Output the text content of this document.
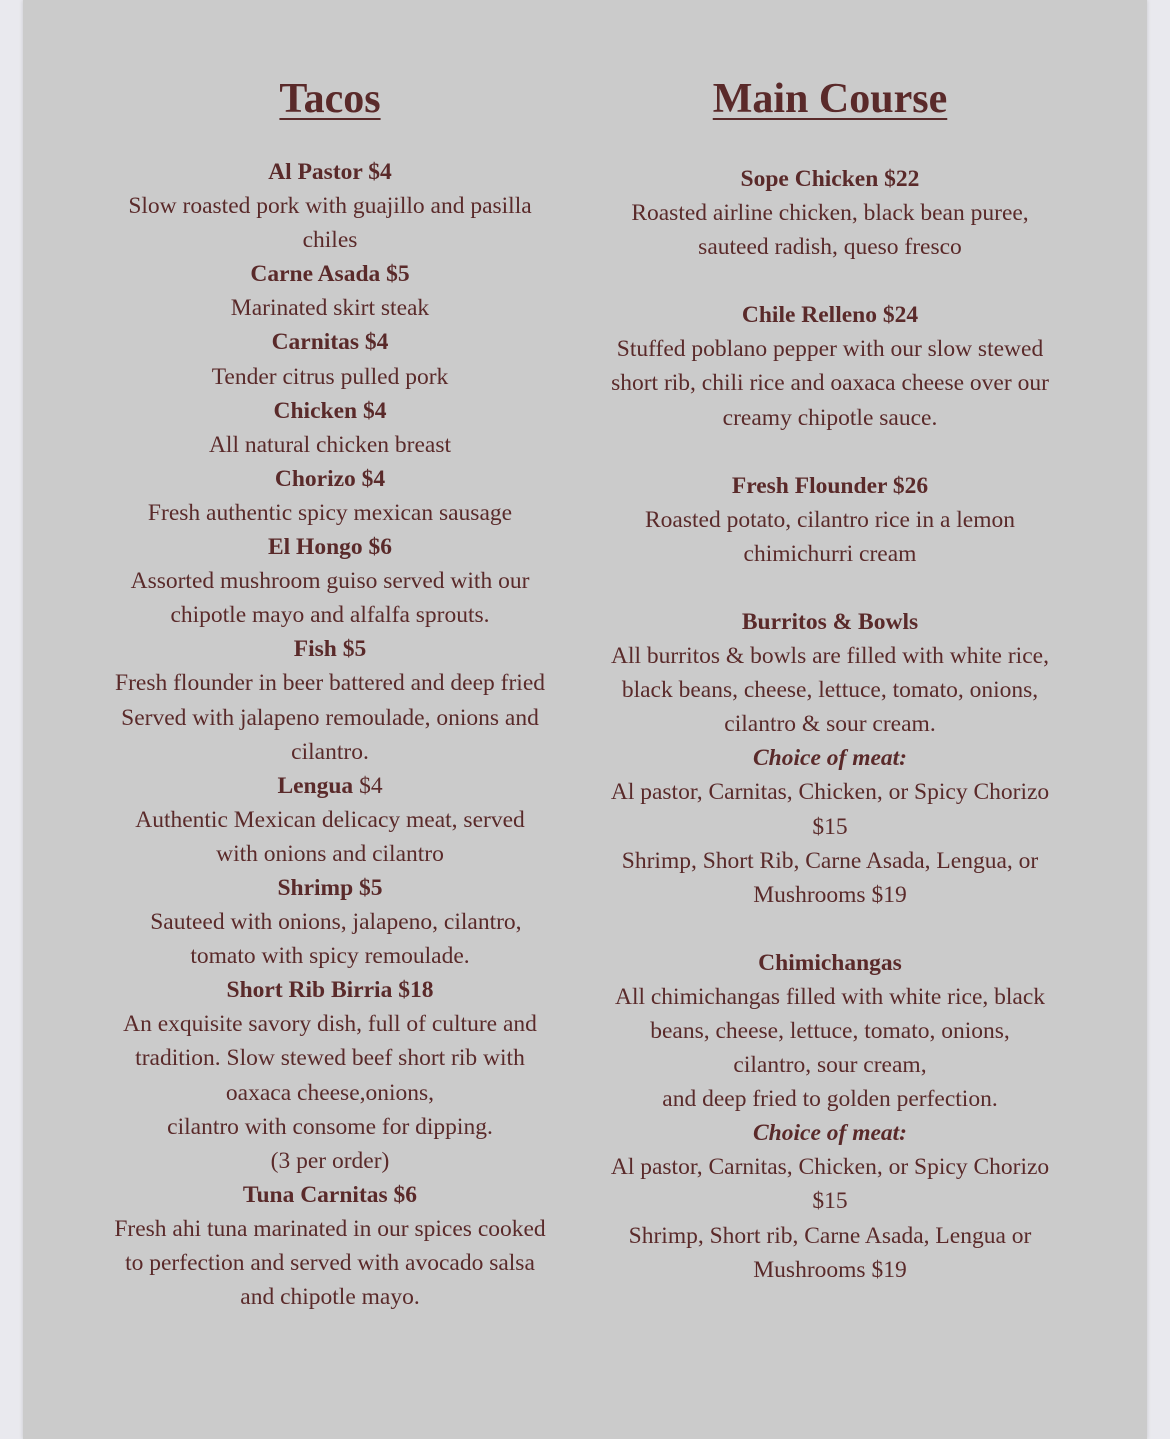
Tacos
Al Pastor $4
Slow roasted pork with guajillo and pasilla
chiles
Carne Asada $5
Marinated skirt steak
Carnitas $4
Tender citrus pulled pork
Chicken $4
All natural chicken breast
Chorizo $4
Fresh authentic spicy mexican sausage
El Hongo $6
Assorted mushroom guiso served with our
chipotle mayo and alfalfa sprouts.
Fish $5
Fresh flounder in beer battered and deep fried
Served with jalapeno remoulade, onions and
cilantro.
Lengua $4
Authentic Mexican delicacy meat, served
with onions and cilantro
Shrimp $5
Sauteed with onions, jalapeno, cilantro,
tomato with spicy remoulade.
Short Rib Birria $18
An exquisite savory dish, full of culture and
tradition. Slow stewed beef short rib with
oaxaca cheese,onions,
cilantro with consome for dipping.
(3 per order)
Tuna Carnitas $6
Fresh ahi tuna marinated in our spices cooked
to perfection and served with avocado salsa
and chipotle mayo.
Main Course
Sope Chicken $22
Roasted airline chicken, black bean puree,
sauteed radish, queso fresco
Chile Relleno $24
Stuffed poblano pepper with our slow stewed
short rib, chili rice and oaxaca cheese over our
creamy chipotle sauce.
Fresh Flounder $26
Roasted potato, cilantro rice in a lemon
chimichurri cream
Burritos & Bowls
All burritos & bowls are filled with white rice,
black beans, cheese, lettuce, tomato, onions,
cilantro & sour cream.
Choice of meat:
Al pastor, Carnitas, Chicken, or Spicy Chorizo
$15
Shrimp, Short Rib, Carne Asada, Lengua, or
Mushrooms $19
Chimichangas
All chimichangas filled with white rice, black
beans, cheese, lettuce, tomato, onions,
cilantro, sour cream,
and deep fried to golden perfection.
Choice of meat:
Al pastor, Carnitas, Chicken, or Spicy Chorizo
$15
Shrimp, Short rib, Carne Asada, Lengua or
Mushrooms $19
